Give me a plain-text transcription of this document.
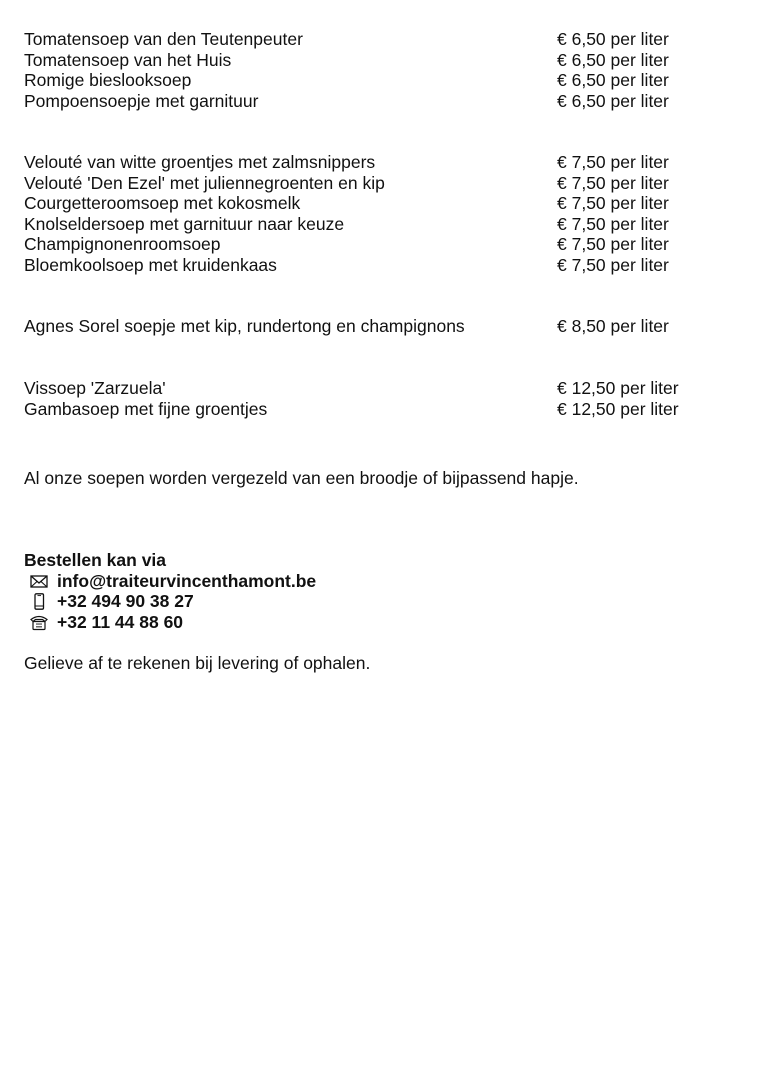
Tomatensoep van den Teutenpeuter	€ 6,50 per liter
Tomatensoep van het Huis	€ 6,50 per liter
Romige bieslooksoep	€ 6,50 per liter
Pompoensoepje met garnituur	€ 6,50 per liter
Velouté van witte groentjes met zalmsnippers	€ 7,50 per liter
Velouté 'Den Ezel' met juliennegroenten en kip	€ 7,50 per liter
Courgetteroomsoep met kokosmelk	€ 7,50 per liter
Knolseldersoep met garnituur naar keuze	€ 7,50 per liter
Champignonenroomsoep	€ 7,50 per liter
Bloemkoolsoep met kruidenkaas	€ 7,50 per liter
Agnes Sorel soepje met kip, rundertong en champignons	€ 8,50 per liter
Vissoep 'Zarzuela'	€ 12,50 per liter
Gambasoep met fijne groentjes	€ 12,50 per liter
Al onze soepen worden vergezeld van een broodje of bijpassend hapje.
Bestellen kan via
info@traiteurvincenthamont.be
+32 494 90 38 27
+32 11 44 88 60
Gelieve af te rekenen bij levering of ophalen.
